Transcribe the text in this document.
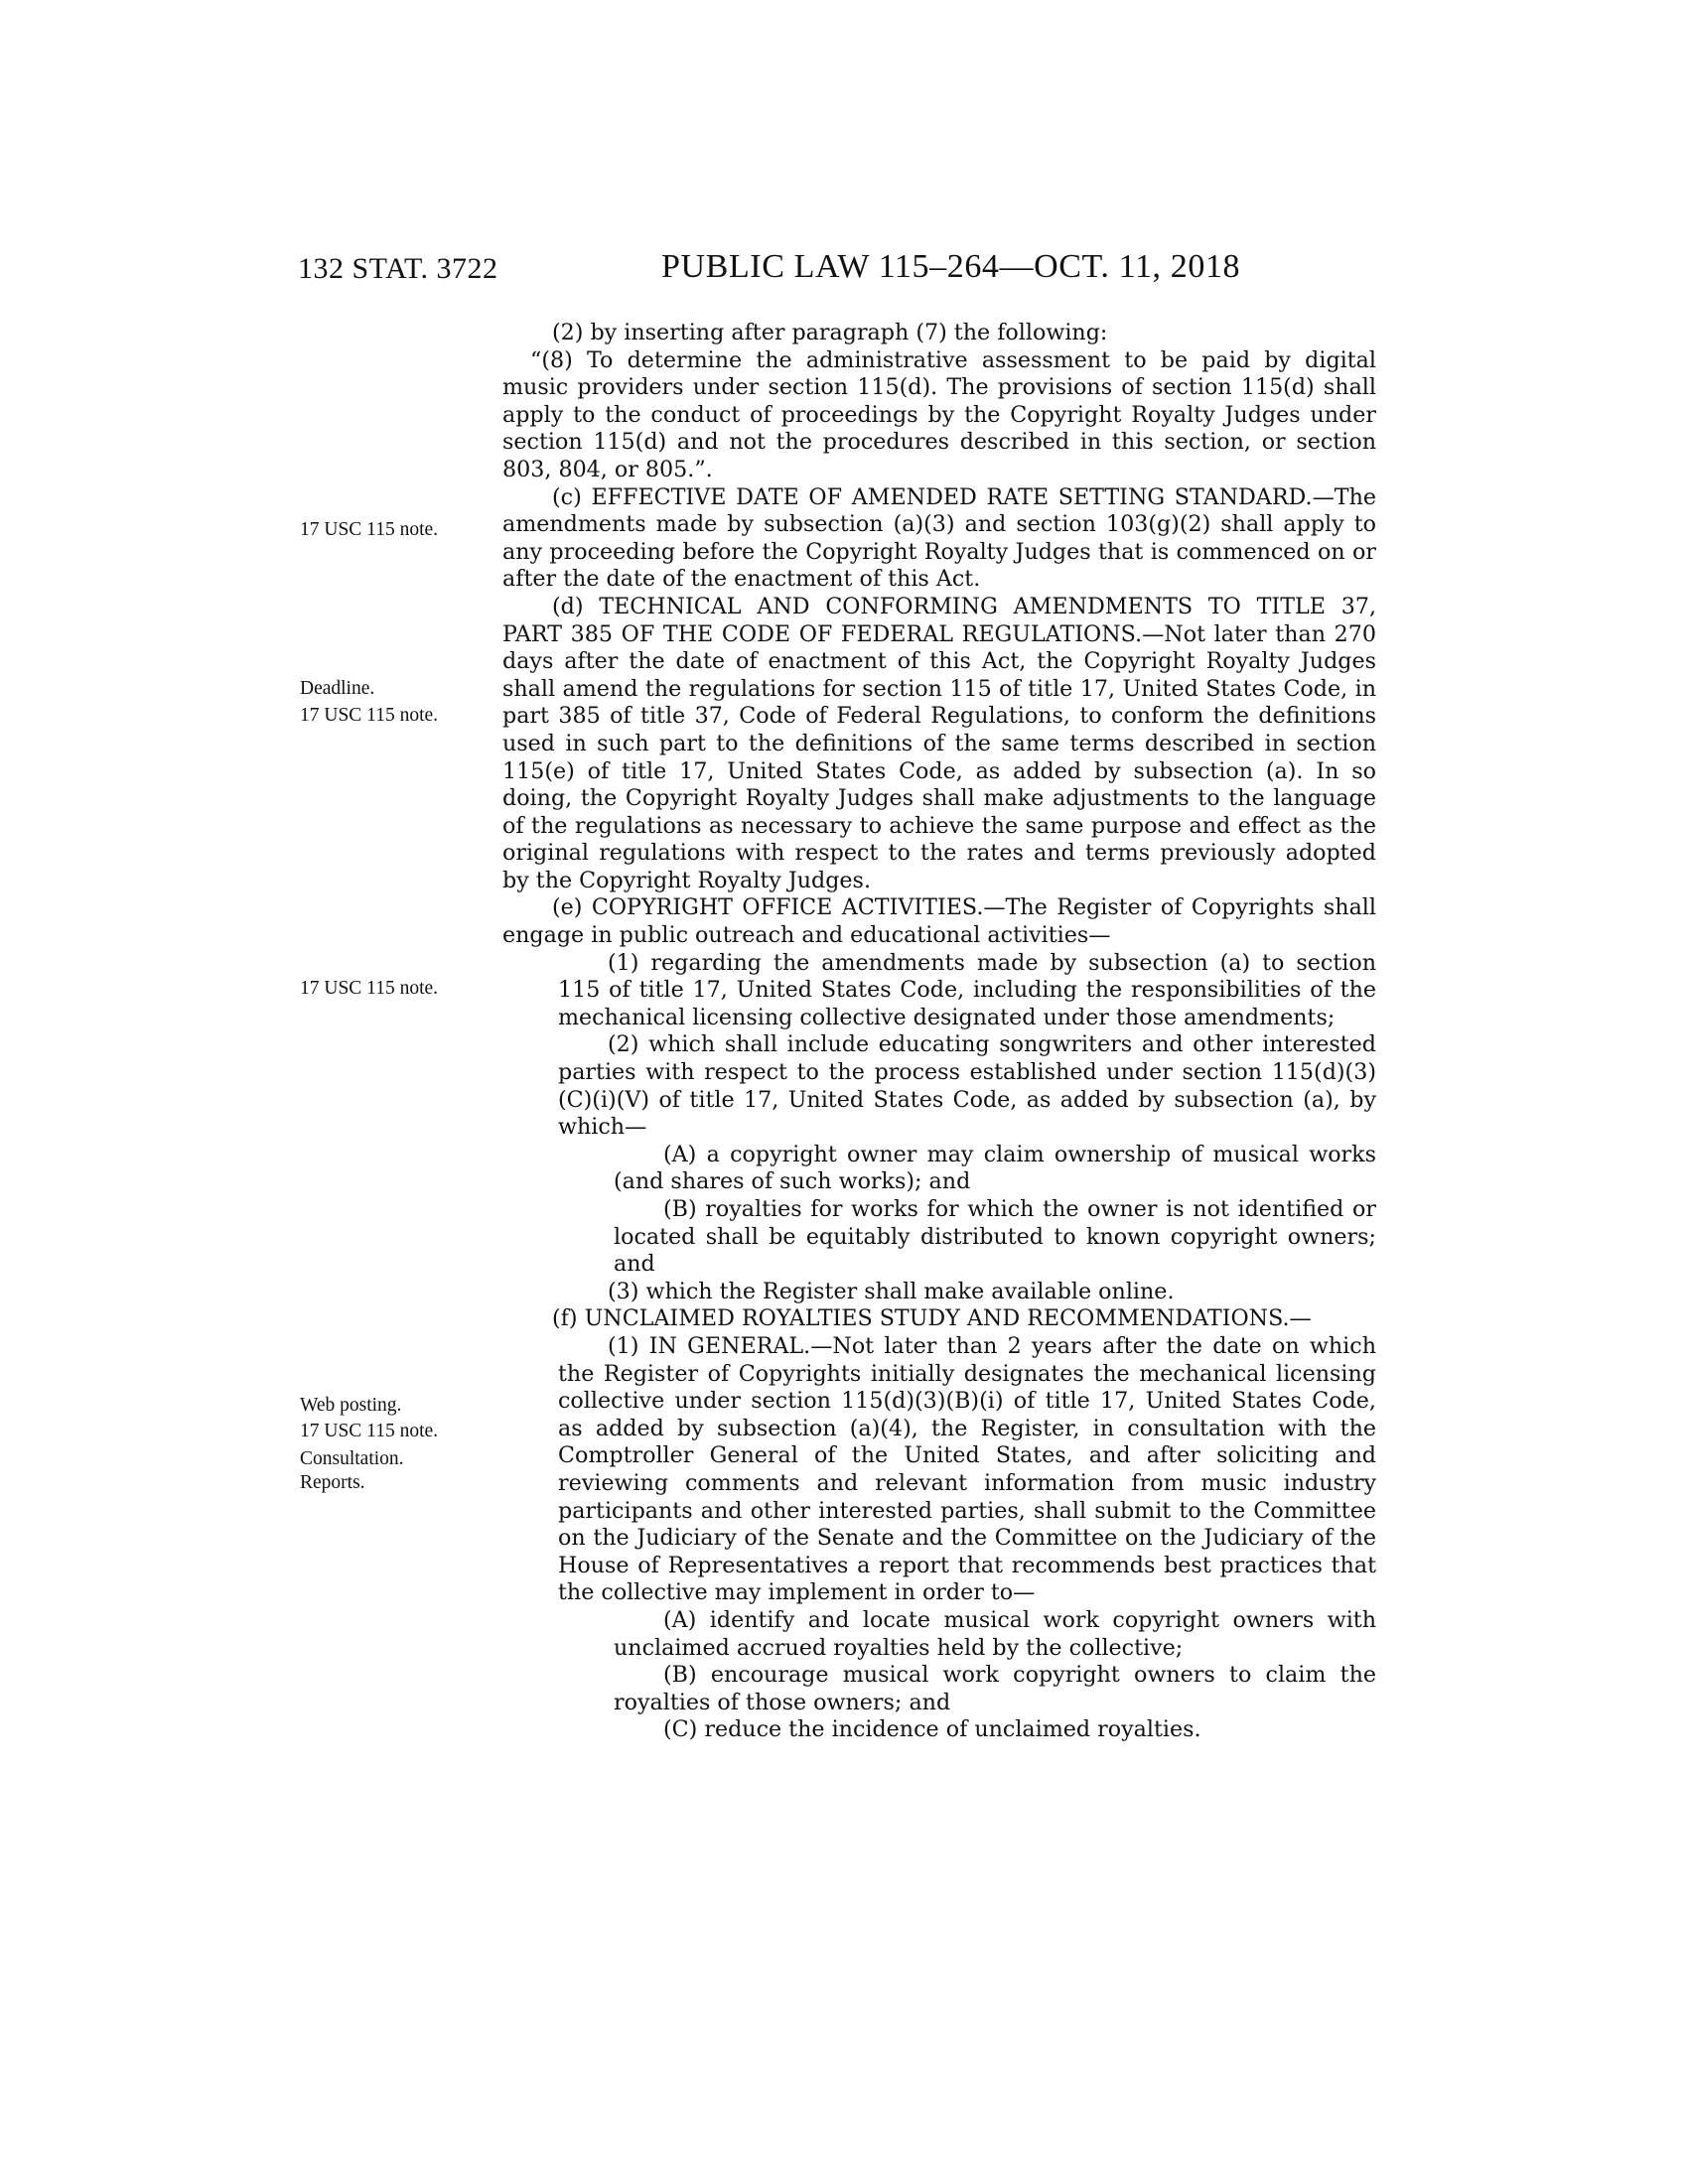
132 STAT. 3722	PUBLIC LAW 115–264—OCT. 11, 2018
17 USC 115 note.
Deadline.
17 USC 115 note.
17 USC 115 note.
Web posting.
17 USC 115 note.
Consultation.
Reports.

(2) by inserting after paragraph (7) the following:

“(8) To determine the administrative assessment to be paid by digital music providers under section 115(d). The provisions of section 115(d) shall apply to the conduct of proceedings by the Copyright Royalty Judges under section 115(d) and not the procedures described in this section, or section 803, 804, or 805.”.

(c) EFFECTIVE DATE OF AMENDED RATE SETTING STANDARD.—The amendments made by subsection (a)(3) and section 103(g)(2) shall apply to any proceeding before the Copyright Royalty Judges that is commenced on or after the date of the enactment of this Act.

(d) TECHNICAL AND CONFORMING AMENDMENTS TO TITLE 37, PART 385 OF THE CODE OF FEDERAL REGULATIONS.—Not later than 270 days after the date of enactment of this Act, the Copyright Royalty Judges shall amend the regulations for section 115 of title 17, United States Code, in part 385 of title 37, Code of Federal Regulations, to conform the definitions used in such part to the definitions of the same terms described in section 115(e) of title 17, United States Code, as added by subsection (a). In so doing, the Copyright Royalty Judges shall make adjustments to the language of the regulations as necessary to achieve the same purpose and effect as the original regulations with respect to the rates and terms previously adopted by the Copyright Royalty Judges.

(e) COPYRIGHT OFFICE ACTIVITIES.—The Register of Copyrights shall engage in public outreach and educational activities—

(1) regarding the amendments made by subsection (a) to section 115 of title 17, United States Code, including the responsibilities of the mechanical licensing collective designated under those amendments;

(2) which shall include educating songwriters and other interested parties with respect to the process established under section 115(d)(3)(C)(i)(V) of title 17, United States Code, as added by subsection (a), by which—

(A) a copyright owner may claim ownership of musical works (and shares of such works); and

(B) royalties for works for which the owner is not identified or located shall be equitably distributed to known copyright owners; and

(3) which the Register shall make available online.

(f) UNCLAIMED ROYALTIES STUDY AND RECOMMENDATIONS.—

(1) IN GENERAL.—Not later than 2 years after the date on which the Register of Copyrights initially designates the mechanical licensing collective under section 115(d)(3)(B)(i) of title 17, United States Code, as added by subsection (a)(4), the Register, in consultation with the Comptroller General of the United States, and after soliciting and reviewing comments and relevant information from music industry participants and other interested parties, shall submit to the Committee on the Judiciary of the Senate and the Committee on the Judiciary of the House of Representatives a report that recommends best practices that the collective may implement in order to—

(A) identify and locate musical work copyright owners with unclaimed accrued royalties held by the collective;

(B) encourage musical work copyright owners to claim the royalties of those owners; and

(C) reduce the incidence of unclaimed royalties.
